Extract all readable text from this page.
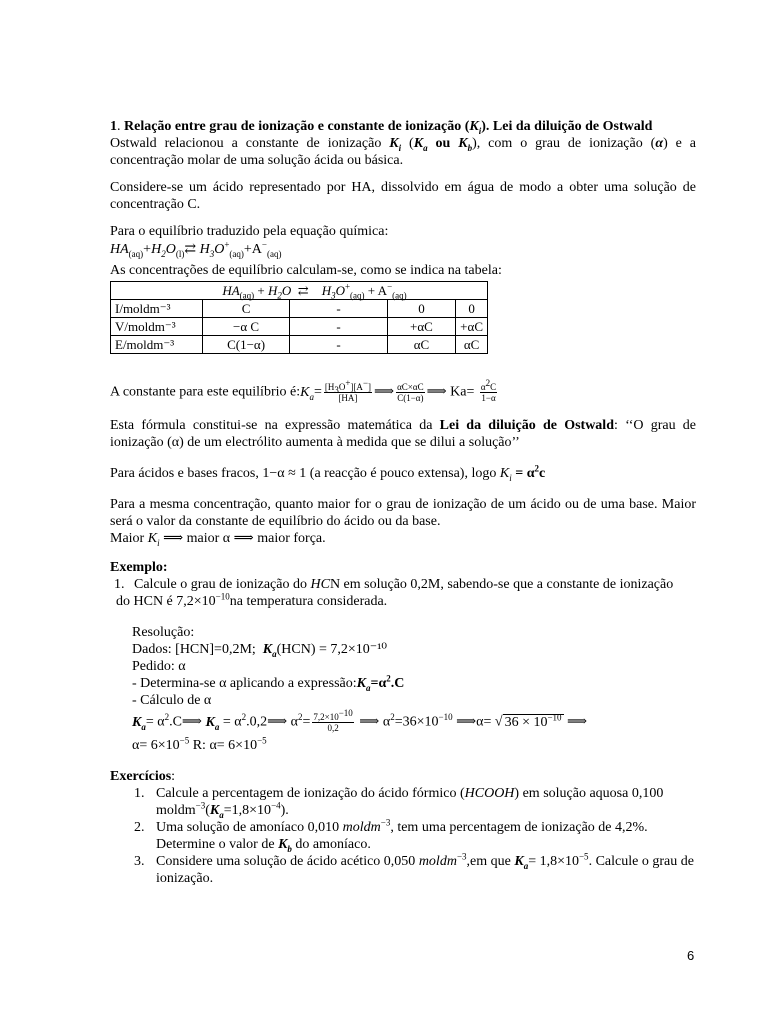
1. Relação entre grau de ionização e constante de ionização $(K_i)$. Lei da diluição de Ostwald

Ostwald relacionou a constante de ionização $K_i$ ($K_a$ ou $K_b$), com o grau de ionização (α) e a concentração molar de uma solução ácida ou básica.

Considere-se um ácido representado por HA, dissolvido em água de modo a obter uma solução de concentração C.

Para o equilíbrio traduzido pela equação química:

$HA_{(aq)}+H_2O_{(l)}⇄$ $H_3O^+_{(aq)}+A^-_{(aq)}$

As concentrações de equilíbrio calculam-se, como se indica na tabela:

	$HA_{(aq)} + H_2O$  ⇄    $H_3O^+_{(aq)} + A^-_{(aq)}$
I/moldm⁻³	C	-	0	0
V/moldm⁻³	−α C	-	+αC	+αC
E/moldm⁻³	C(1−α)	-	αC	αC

A constante para este equilíbrio $é:K_a= \frac{[H_3O^+][A^-]}{[HA]}$ ⟹ $\frac{\alpha C\times\alpha C}{C(1-\alpha)}$ ⟹ $Ka= \frac{\alpha^2C}{1-\alpha}$

Esta fórmula constitui-se na expressão matemática da Lei da diluição de Ostwald: ‘‘O grau de ionização (α) de um electrólito aumenta à medida que se dilui a solução’’

Para ácidos e bases fracos, 1−α ≈ 1 (a reacção é pouco extensa), logo $K_i = \alpha^2c$

Para a mesma concentração, quanto maior for o grau de ionização de um ácido ou de uma base. Maior será o valor da constante de equilíbrio do ácido ou da base.

Maior $K_i$ ⟹ maior α ⟹ maior força.

Exemplo:

1. Calcule o grau de ionização do HCN em solução 0,2M, sabendo-se que a constante de ionização

do HCN é $7,2\times 10^{-10}na$ temperatura considerada.

Resolução:

Dados: [HCN]=0,2M; $K_a(HCN) = 7,2\times 10^{-10}$

Pedido: α

- Determina-se α aplicando a $expressão:K_a=\alpha^2.C$

- Cálculo de α

$K_a=$ $\alpha^2.C⟹$ $K_a$ = $\alpha^2.0,2⟹$ $\alpha^2= \frac{7,2\times 10^{-10}}{0,2}$ ⟹ $\alpha^2=36\times 10^{-10}$ ⟹α= √ $36 \times 10^{-10}$ ⟹

$\alpha= 6\times 10^{-5}$ R: $\alpha= 6\times 10^{-5}$

Exercícios:

1. Calcule a percentagem de ionização do ácido fórmico (HCOOH) em solução aquosa 0,100 $moldm^{-3}(K_a=1,8\times 10^{-4})$.
2. Uma solução de amoníaco 0,010 moldm$^{-3}$, tem uma percentagem de ionização de 4,2%. Determine o valor de $K_b$ do amoníaco.
3. Considere uma solução de ácido acético 0,050 moldm$^{-3}$,em que $K_a= 1,8\times 10^{-5}$. Calcule o grau de ionização.
6
